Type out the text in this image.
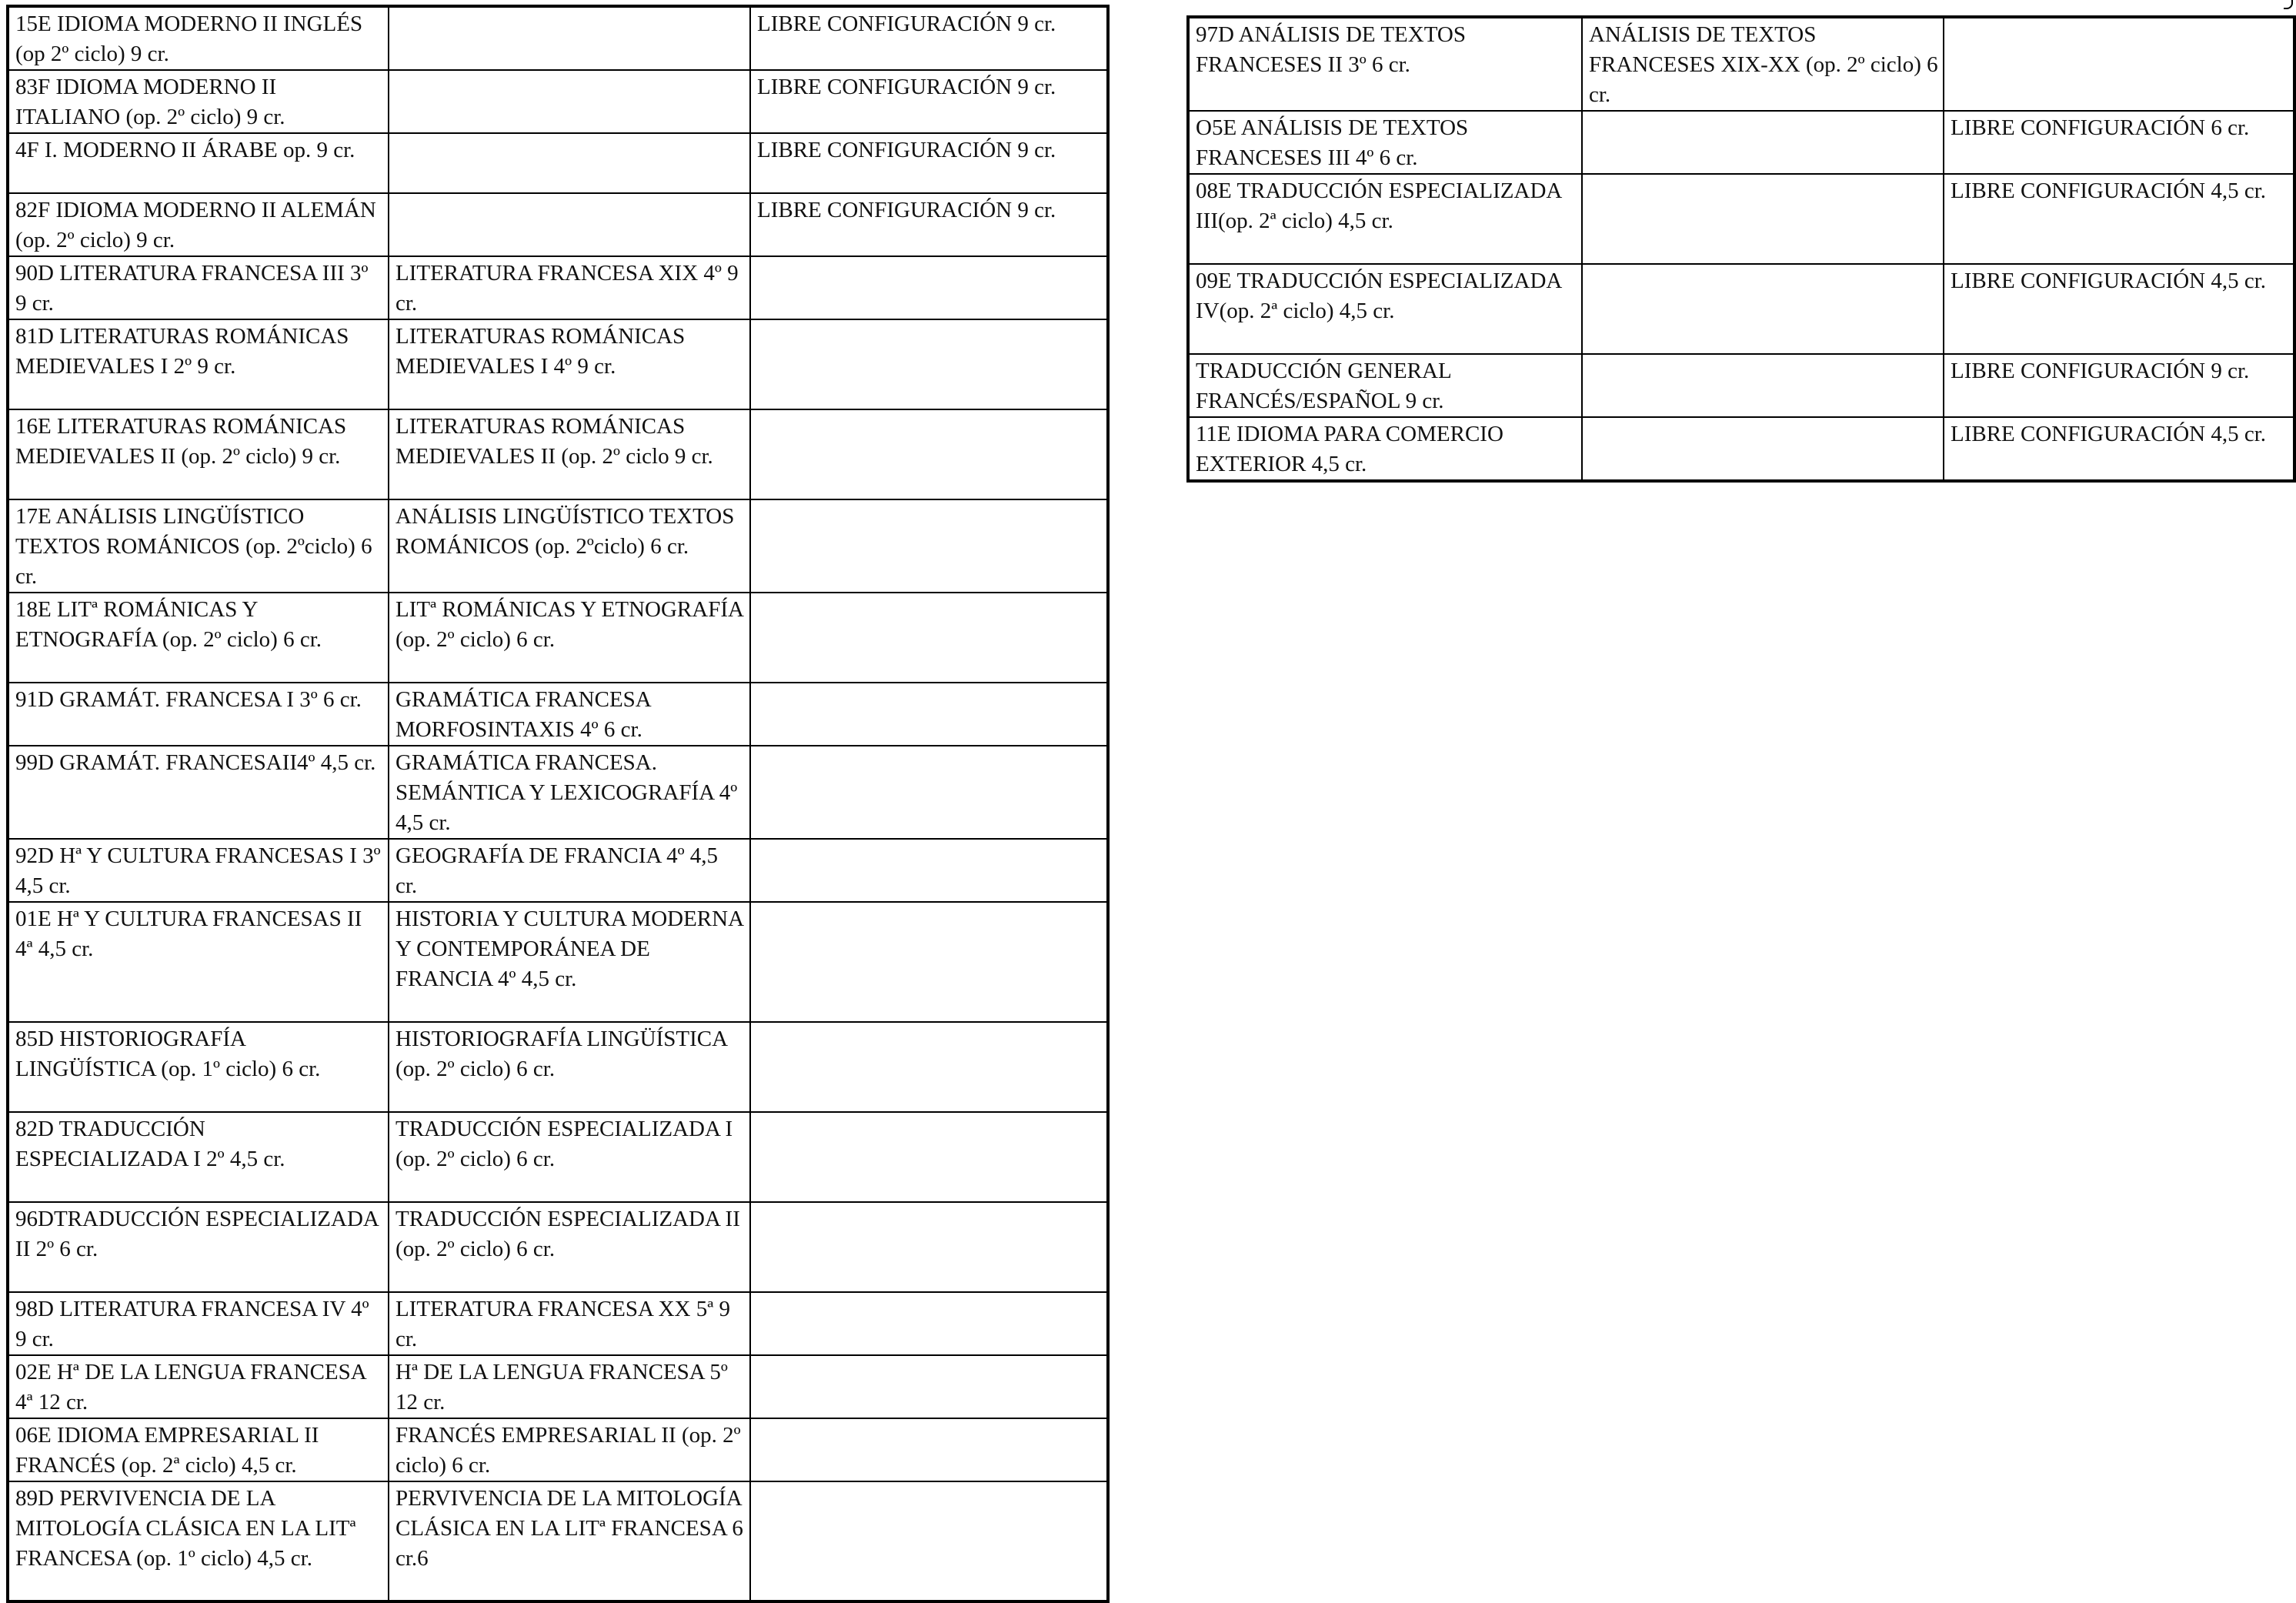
15E IDIOMA MODERNO II INGLÉS (op 2º ciclo) 9 cr.		LIBRE CONFIGURACIÓN 9 cr.
83F IDIOMA MODERNO II ITALIANO (op. 2º ciclo) 9 cr.		LIBRE CONFIGURACIÓN 9 cr.
4F I. MODERNO II ÁRABE op. 9 cr.		LIBRE CONFIGURACIÓN 9 cr.
82F IDIOMA MODERNO II ALEMÁN (op. 2º ciclo) 9 cr.		LIBRE CONFIGURACIÓN 9 cr.
90D LITERATURA FRANCESA III 3º 9 cr.	LITERATURA FRANCESA XIX 4º 9 cr.	
81D LITERATURAS ROMÁNICAS MEDIEVALES I 2º 9 cr.	LITERATURAS ROMÁNICAS MEDIEVALES I 4º 9 cr.	
16E LITERATURAS ROMÁNICAS MEDIEVALES II (op. 2º ciclo) 9 cr.	LITERATURAS ROMÁNICAS MEDIEVALES II (op. 2º ciclo 9 cr.	
17E ANÁLISIS LINGÜÍSTICO TEXTOS ROMÁNICOS (op. 2ºciclo) 6 cr.	ANÁLISIS LINGÜÍSTICO TEXTOS ROMÁNICOS (op. 2ºciclo) 6 cr.	
18E LITª ROMÁNICAS Y ETNOGRAFÍA (op. 2º ciclo) 6 cr.	LITª ROMÁNICAS Y ETNOGRAFÍA (op. 2º ciclo) 6 cr.	
91D GRAMÁT. FRANCESA I 3º 6 cr.	GRAMÁTICA FRANCESA MORFOSINTAXIS 4º 6 cr.	
99D GRAMÁT. FRANCESAII4º 4,5 cr.	GRAMÁTICA FRANCESA. SEMÁNTICA Y LEXICOGRAFÍA 4º 4,5 cr.	
92D Hª Y CULTURA FRANCESAS I 3º 4,5 cr.	GEOGRAFÍA DE FRANCIA 4º 4,5 cr.	
01E Hª Y CULTURA FRANCESAS II 4ª 4,5 cr.	HISTORIA Y CULTURA MODERNA Y CONTEMPORÁNEA DE FRANCIA 4º 4,5 cr.	
85D HISTORIOGRAFÍA LINGÜÍSTICA (op. 1º ciclo) 6 cr.	HISTORIOGRAFÍA LINGÜÍSTICA (op. 2º ciclo) 6 cr.	
82D TRADUCCIÓN ESPECIALIZADA I 2º 4,5 cr.	TRADUCCIÓN ESPECIALIZADA I (op. 2º ciclo) 6 cr.	
96DTRADUCCIÓN ESPECIALIZADA II 2º 6 cr.	TRADUCCIÓN ESPECIALIZADA II (op. 2º ciclo) 6 cr.	
98D LITERATURA FRANCESA IV 4º 9 cr.	LITERATURA FRANCESA XX 5ª 9 cr.	
02E Hª DE LA LENGUA FRANCESA 4ª 12 cr.	Hª DE LA LENGUA FRANCESA 5º 12 cr.	
06E IDIOMA EMPRESARIAL II FRANCÉS (op. 2ª ciclo) 4,5 cr.	FRANCÉS EMPRESARIAL II (op. 2º ciclo) 6 cr.	
89D PERVIVENCIA DE LA MITOLOGÍA CLÁSICA EN LA LITª FRANCESA (op. 1º ciclo) 4,5 cr.	PERVIVENCIA DE LA MITOLOGÍA CLÁSICA EN LA LITª FRANCESA 6 cr.6	
97D ANÁLISIS DE TEXTOS FRANCESES II 3º 6 cr.	ANÁLISIS DE TEXTOS FRANCESES XIX-XX (op. 2º ciclo) 6 cr.	
O5E ANÁLISIS DE TEXTOS FRANCESES III 4º 6 cr.		LIBRE CONFIGURACIÓN 6 cr.
08E TRADUCCIÓN ESPECIALIZADA III(op. 2ª ciclo) 4,5 cr.		LIBRE CONFIGURACIÓN 4,5 cr.
09E TRADUCCIÓN ESPECIALIZADA IV(op. 2ª ciclo) 4,5 cr.		LIBRE CONFIGURACIÓN 4,5 cr.
TRADUCCIÓN GENERAL FRANCÉS/ESPAÑOL 9 cr.		LIBRE CONFIGURACIÓN 9 cr.
11E IDIOMA PARA COMERCIO EXTERIOR 4,5 cr.		LIBRE CONFIGURACIÓN 4,5 cr.
